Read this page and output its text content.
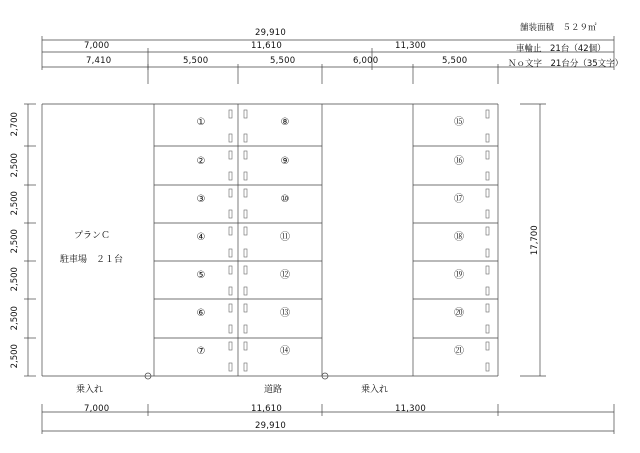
舗装面積　５２９㎡
車輪止　21台（42個）
Ｎｏ文字　21台分（35文字）
29,910
7,000	11,610	11,300
7,410	5,500	5,500	6,000	5,500
2,700
2,500
2,500
2,500
2,500
2,500
2,500
17,700
プランＣ
駐車場　２１台
①
②
③
④
⑤
⑥
⑦
⑧
⑨
⑩
⑪
⑫
⑬
⑭
⑮
⑯
⑰
⑱
⑲
⑳
㉑
乗入れ	道路	乗入れ
7,000	11,610	11,300
29,910
